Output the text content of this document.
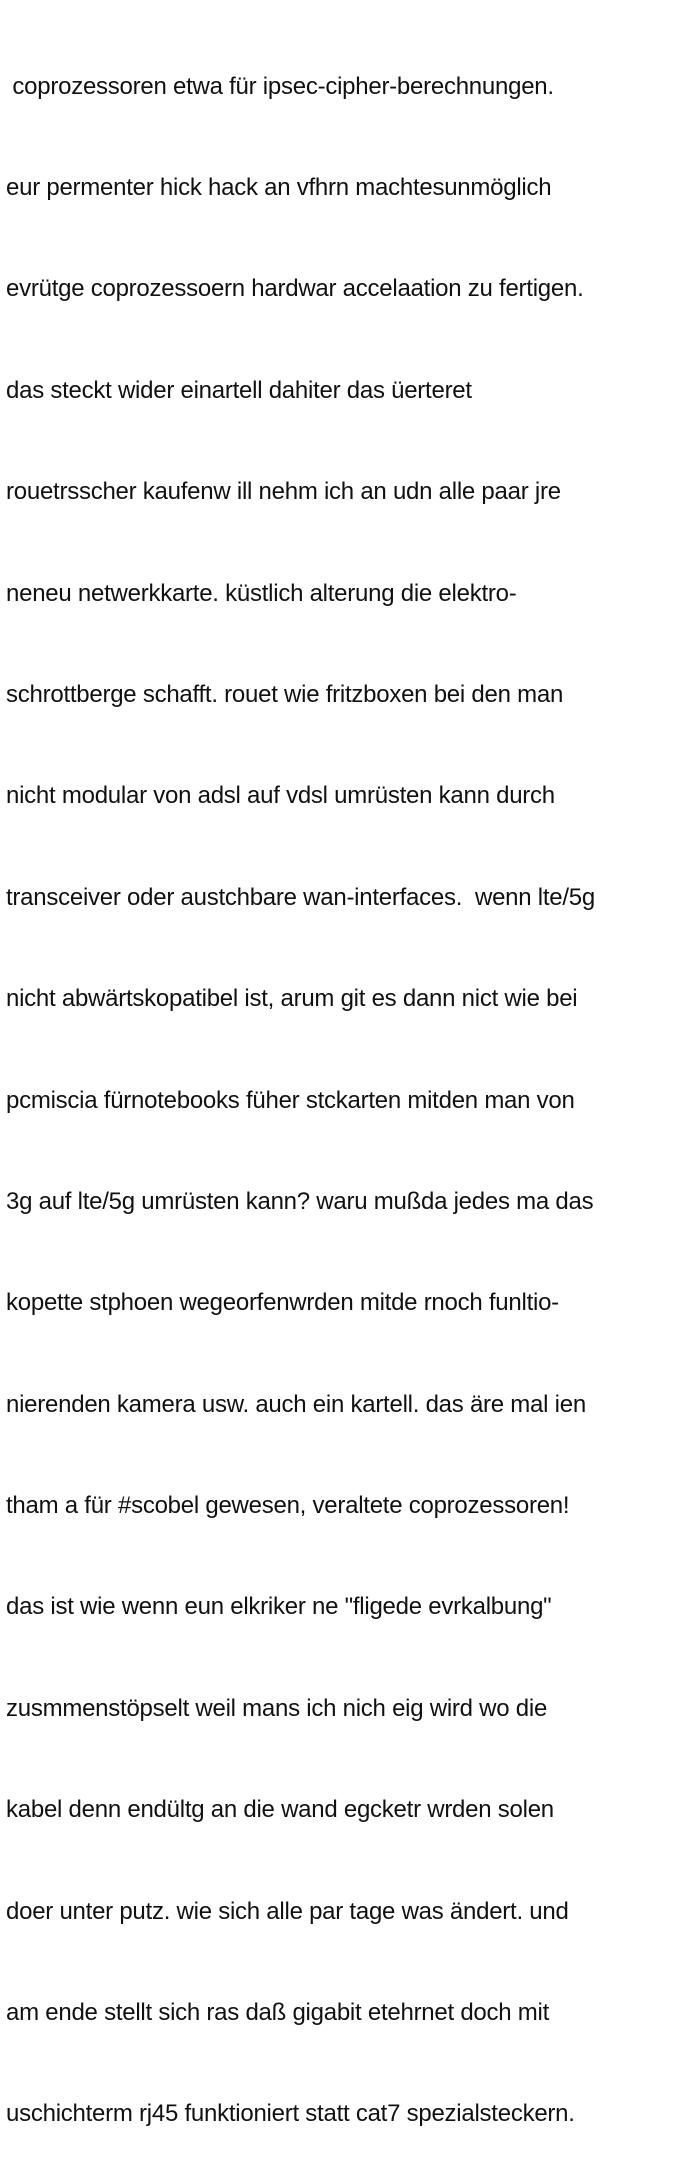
coprozessoren etwa für ipsec-cipher-berechnungen.

eur permenter hick hack an vfhrn machtesunmöglich

evrütge coprozessoern hardwar accelaation zu fertigen.

das steckt wider einartell dahiter das üerteret

rouetrsscher kaufenw ill nehm ich an udn alle paar jre

neneu netwerkkarte. küstlich alterung die elektro-

schrottberge schafft. rouet wie fritzboxen bei den man

nicht modular von adsl auf vdsl umrüsten kann durch

transceiver oder austchbare wan-interfaces.  wenn lte/5g

nicht abwärtskopatibel ist, arum git es dann nict wie bei

pcmiscia fürnotebooks füher stckarten mitden man von

3g auf lte/5g umrüsten kann? waru mußda jedes ma das

kopette stphoen wegeorfenwrden mitde rnoch funltio-

nierenden kamera usw. auch ein kartell. das äre mal ien

tham a für #scobel gewesen, veraltete coprozessoren!

das ist wie wenn eun elkriker ne "fligede evrkalbung"

zusmmenstöpselt weil mans ich nich eig wird wo die

kabel denn endültg an die wand egcketr wrden solen

doer unter putz. wie sich alle par tage was ändert. und

am ende stellt sich ras daß gigabit etehrnet doch mit

uschichterm rj45 funktioniert statt cat7 spezialsteckern.
